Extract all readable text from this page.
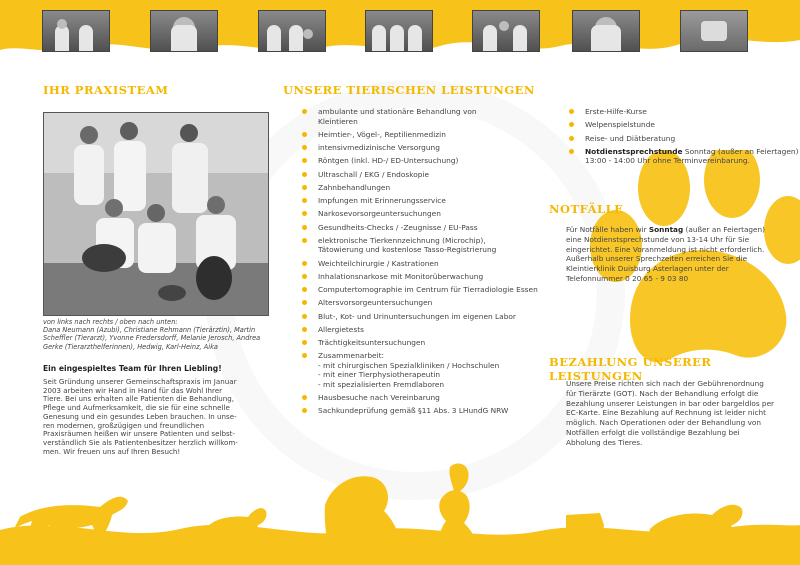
IHR PRAXISTEAM
von links nach rechts / oben nach unten:
Dana Neumann (Azubi), Christiane Rehmann (Tierärztin), Martin
Scheffler (Tierarzt), Yvonne Fredersdorff, Melanie Jerosch, Andrea
Gerke (Tierarzthelferinnen), Hedwig, Karl-Heinz, Aika
Ein eingespieltes Team für Ihren Liebling!
Seit Gründung unserer Gemeinschaftspraxis im Januar
2003 arbeiten wir Hand in Hand für das Wohl Ihrer
Tiere. Bei uns erhalten alle Patienten die Behandlung,
Pflege und Aufmerksamkeit, die sie für eine schnelle
Genesung und ein gesundes Leben brauchen. In unse-
ren modernen, großzügigen und freundlichen
Praxisräumen heißen wir unsere Patienten und selbst-
verständlich Sie als Patientenbesitzer herzlich willkom-
men. Wir freuen uns auf Ihren Besuch!
UNSERE TIERISCHEN LEISTUNGEN
ambulante und stationäre Behandlung von
Kleintieren
Heimtier-, Vögel-, Reptilienmedizin
intensivmedizinische Versorgung
Röntgen (inkl. HD-/ ED-Untersuchung)
Ultraschall / EKG / Endoskopie
Zahnbehandlungen
Impfungen mit Erinnerungsservice
Narkosevorsorgeuntersuchungen
Gesundheits-Checks / -Zeugnisse / EU-Pass
elektronische Tierkennzeichnung (Microchip),
Tätowierung und kostenlose Tasso-Registrierung
Weichteilchirurgie / Kastrationen
Inhalationsnarkose mit Monitorüberwachung
Computertomographie im Centrum für Tierradiologie Essen
Altersvorsorgeuntersuchungen
Blut-, Kot- und Urinuntersuchungen im eigenen Labor
Allergietests
Trächtigkeitsuntersuchungen
Zusammenarbeit:
- mit chirurgischen Spezialkliniken / Hochschulen
- mit einer Tierphysiotherapeutin
- mit spezialisierten Fremdlaboren
Hausbesuche nach Vereinbarung
Sachkundeprüfung gemäß §11 Abs. 3 LHundG NRW
Erste-Hilfe-Kurse
Welpenspielstunde
Reise- und Diätberatung
Notdienstsprechstunde Sonntag (außer an Feiertagen)
13:00 - 14:00 Uhr ohne Terminvereinbarung.
NOTFÄLLE
Für Notfälle haben wir Sonntag (außer an Feiertagen)
eine Notdienstsprechstunde von 13-14 Uhr für Sie
eingerichtet. Eine Voranmeldung ist nicht erforderlich.
Außerhalb unserer Sprechzeiten erreichen Sie die
Kleintierklinik Duisburg Asterlagen unter der
Telefonnummer 0 20 65 - 9 03 80
BEZAHLUNG UNSERER LEISTUNGEN
Unsere Preise richten sich nach der Gebührenordnung
für Tierärzte (GOT). Nach der Behandlung erfolgt die
Bezahlung unserer Leistungen in bar oder bargeldlos per
EC-Karte. Eine Bezahlung auf Rechnung ist leider nicht
möglich. Nach Operationen oder der Behandlung von
Notfällen erfolgt die vollständige Bezahlung bei
Abholung des Tieres.
